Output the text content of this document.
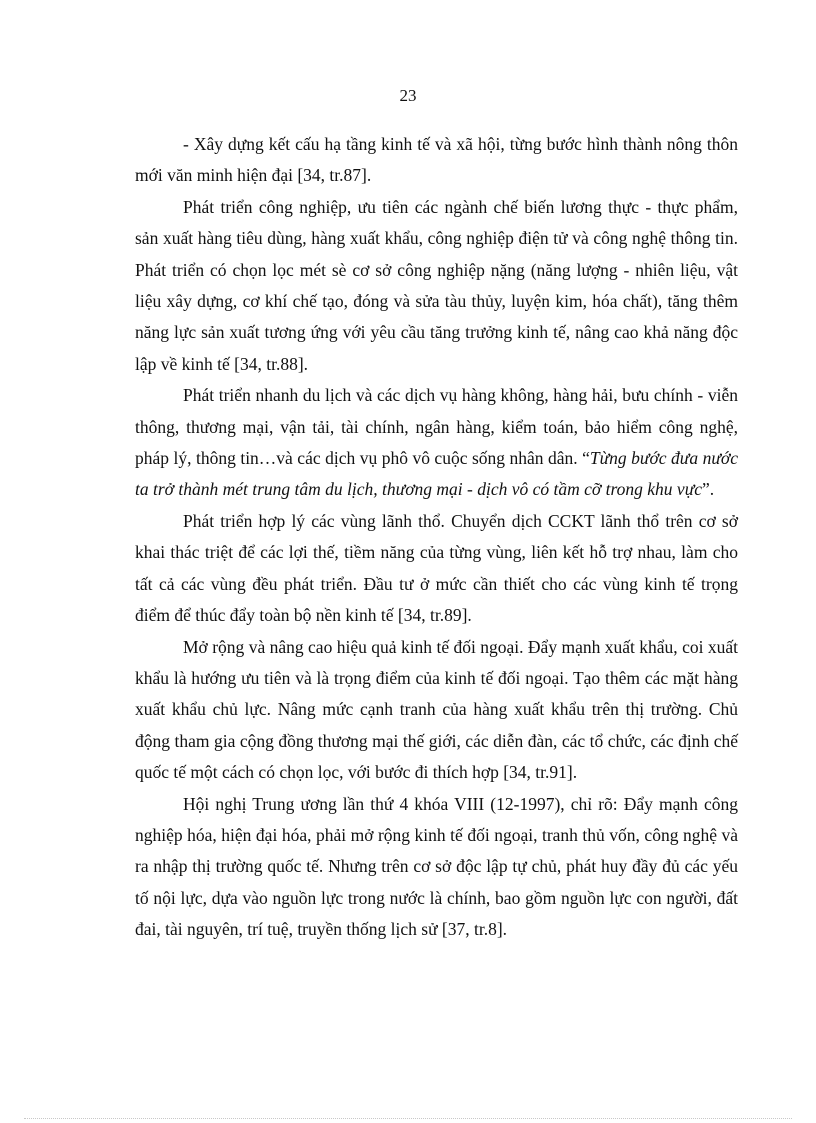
23

- Xây dựng kết cấu hạ tầng kinh tế và xã hội, từng bước hình thành nông thôn mới văn minh hiện đại [34, tr.87].

Phát triển công nghiệp, ưu tiên các ngành chế biến lương thực - thực phẩm, sản xuất hàng tiêu dùng, hàng xuất khẩu, công nghiệp điện tử và công nghệ thông tin. Phát triển có chọn lọc mét sè cơ sở công nghiệp nặng (năng lượng - nhiên liệu, vật liệu xây dựng, cơ khí chế tạo, đóng và sửa tàu thủy, luyện kim, hóa chất), tăng thêm năng lực sản xuất tương ứng với yêu cầu tăng trưởng kinh tế, nâng cao khả năng độc lập về kinh tế [34, tr.88].

Phát triển nhanh du lịch và các dịch vụ hàng không, hàng hải, bưu chính - viễn thông, thương mại, vận tải, tài chính, ngân hàng, kiểm toán, bảo hiểm công nghệ, pháp lý, thông tin…và các dịch vụ phô vô cuộc sống nhân dân. “Từng bước đưa nước ta trở thành mét trung tâm du lịch, thương mại - dịch vô có tầm cỡ trong khu vực”.

Phát triển hợp lý các vùng lãnh thổ. Chuyển dịch CCKT lãnh thổ trên cơ sở khai thác triệt để các lợi thế, tiềm năng của từng vùng, liên kết hỗ trợ nhau, làm cho tất cả các vùng đều phát triển. Đầu tư ở mức cần thiết cho các vùng kinh tế trọng điểm để thúc đẩy toàn bộ nền kinh tế [34, tr.89].

Mở rộng và nâng cao hiệu quả kinh tế đối ngoại. Đẩy mạnh xuất khẩu, coi xuất khẩu là hướng ưu tiên và là trọng điểm của kinh tế đối ngoại. Tạo thêm các mặt hàng xuất khẩu chủ lực. Nâng mức cạnh tranh của hàng xuất khẩu trên thị trường. Chủ động tham gia cộng đồng thương mại thế giới, các diễn đàn, các tổ chức, các định chế quốc tế một cách có chọn lọc, với bước đi thích hợp [34, tr.91].

Hội nghị Trung ương lần thứ 4 khóa VIII (12-1997), chỉ rõ: Đẩy mạnh công nghiệp hóa, hiện đại hóa, phải mở rộng kinh tế đối ngoại, tranh thủ vốn, công nghệ và ra nhập thị trường quốc tế. Nhưng trên cơ sở độc lập tự chủ, phát huy đầy đủ các yếu tố nội lực, dựa vào nguồn lực trong nước là chính, bao gồm nguồn lực con người, đất đai, tài nguyên, trí tuệ, truyền thống lịch sử [37, tr.8].
